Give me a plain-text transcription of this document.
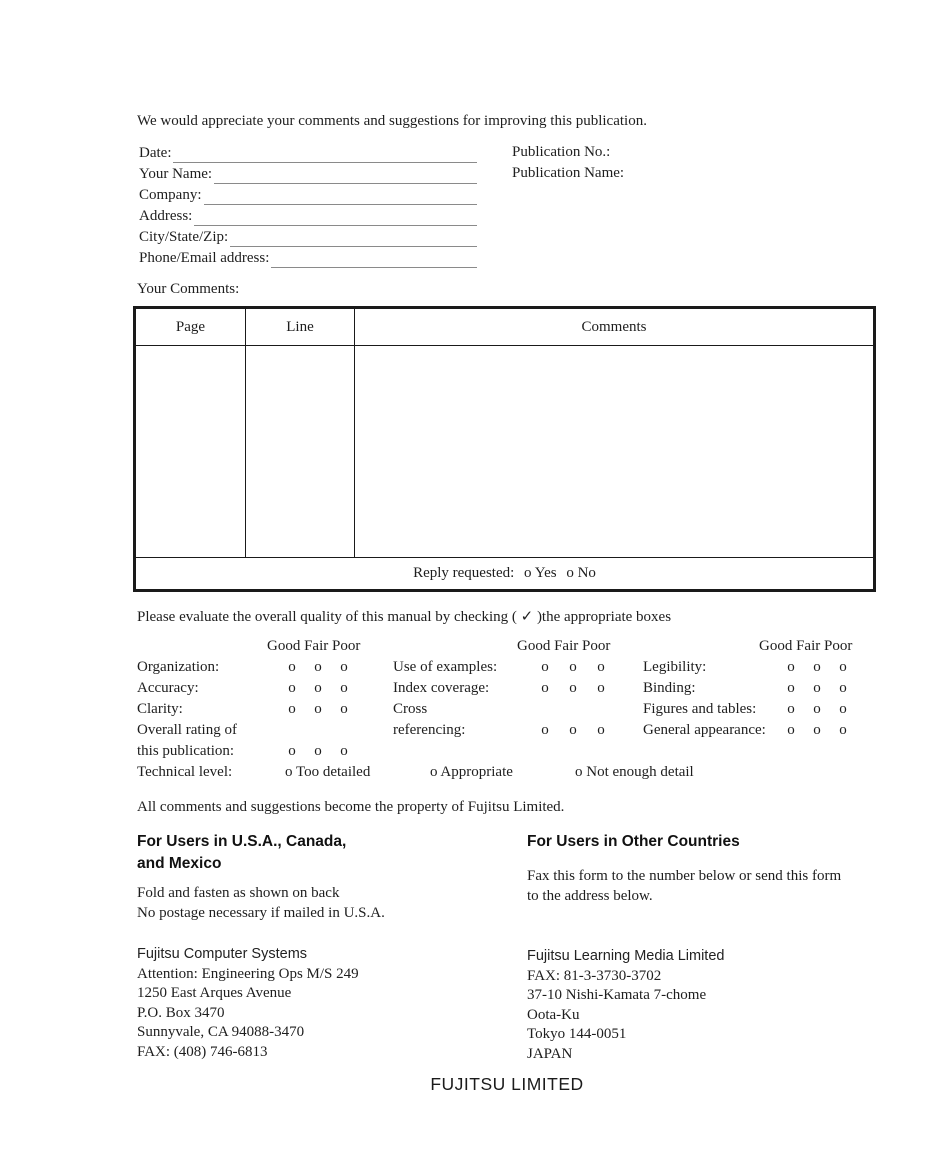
We would appreciate your comments and suggestions for improving this publication.

Date:
Your Name:
Company:
Address:
City/State/Zip:
Phone/Email address:
Publication No.:
Publication Name:

Your Comments:

Page	Line	Comments

Reply requested: o Yes o No		

Please evaluate the overall quality of this manual by checking ( ✓ )the appropriate boxes

Good Fair Poor
Organization:	o o o
Accuracy:	o o o
Clarity:	o o o
Overall rating of
this publication:	o o o
Good Fair Poor
Use of examples:	o o o
Index coverage:	o o o
Cross
referencing:	o o o
Good Fair Poor
Legibility:	o o o
Binding:	o o o
Figures and tables: o o o
General appearance: o o o
Technical level:	o Too detailed	o Appropriate	o Not enough detail

All comments and suggestions become the property of Fujitsu Limited.

For Users in U.S.A., Canada,
and Mexico
Fold and fasten as shown on back
No postage necessary if mailed in U.S.A.
Fujitsu Computer Systems
Attention: Engineering Ops M/S 249
1250 East Arques Avenue
P.O. Box 3470
Sunnyvale, CA 94088-3470
FAX: (408) 746-6813
For Users in Other Countries
Fax this form to the number below or send this form
to the address below.
Fujitsu Learning Media Limited
FAX: 81-3-3730-3702
37-10 Nishi-Kamata 7-chome
Oota-Ku
Tokyo 144-0051
JAPAN
FUJITSU LIMITED
